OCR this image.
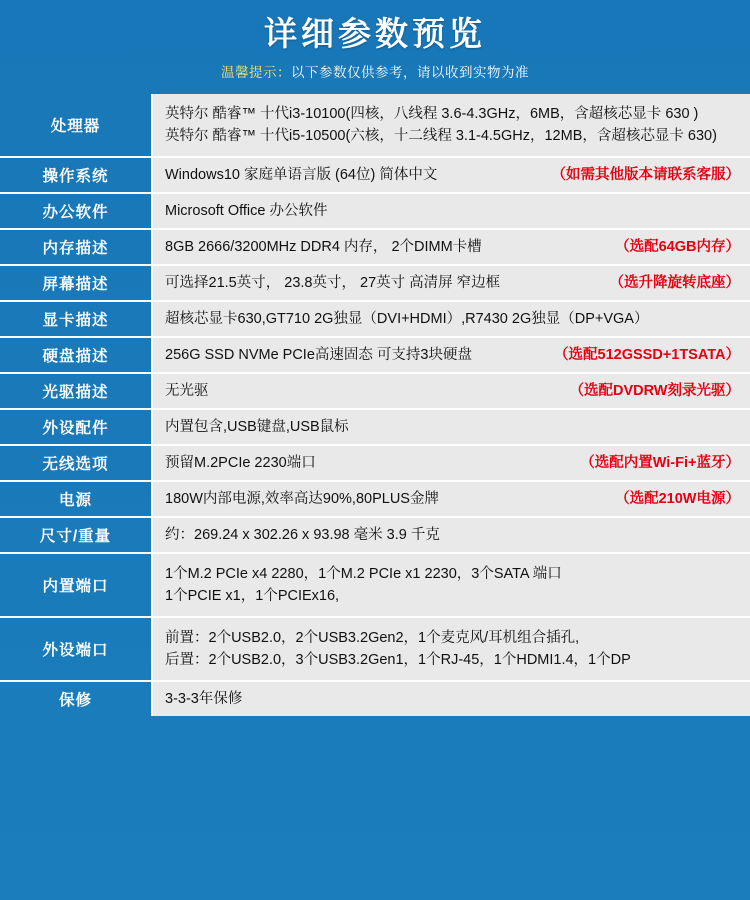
详细参数预览
温馨提示：以下参数仅供参考，请以收到实物为准
处理器	英特尔 酷睿™ 十代i3-10100(四核，八线程 3.6-4.3GHz，6MB，含超核芯显卡 630 )
英特尔 酷睿™ 十代i5-10500(六核，十二线程 3.1-4.5GHz，12MB，含超核芯显卡 630)

操作系统	Windows10 家庭单语言版 (64位) 简体中文 （如需其他版本请联系客服）

办公软件	Microsoft Office 办公软件

内存描述	8GB 2666/3200MHz DDR4 内存， 2个DIMM卡槽 （选配64GB内存）

屏幕描述	可选择21.5英寸， 23.8英寸， 27英寸 高清屏 窄边框 （选升降旋转底座）

显卡描述	超核芯显卡630,GT710 2G独显（DVI+HDMI）,R7430 2G独显（DP+VGA）

硬盘描述	256G SSD NVMe PCIe高速固态 可支持3块硬盘 （选配512GSSD+1TSATA）

光驱描述	无光驱 （选配DVDRW刻录光驱）

外设配件	内置包含,USB键盘,USB鼠标

无线选项	预留M.2PCIe 2230端口 （选配内置Wi-Fi+蓝牙）

电源	180W内部电源,效率高达90%,80PLUS金牌 （选配210W电源）

尺寸/重量	约：269.24 x 302.26 x 93.98 毫米 3.9 千克

内置端口	1个M.2 PCIe x4 2280，1个M.2 PCIe x1 2230，3个SATA 端口
1个PCIE x1，1个PCIEx16,

外设端口	前置：2个USB2.0，2个USB3.2Gen2，1个麦克风/耳机组合插孔,
后置：2个USB2.0，3个USB3.2Gen1，1个RJ-45，1个HDMI1.4，1个DP

保修	3-3-3年保修
